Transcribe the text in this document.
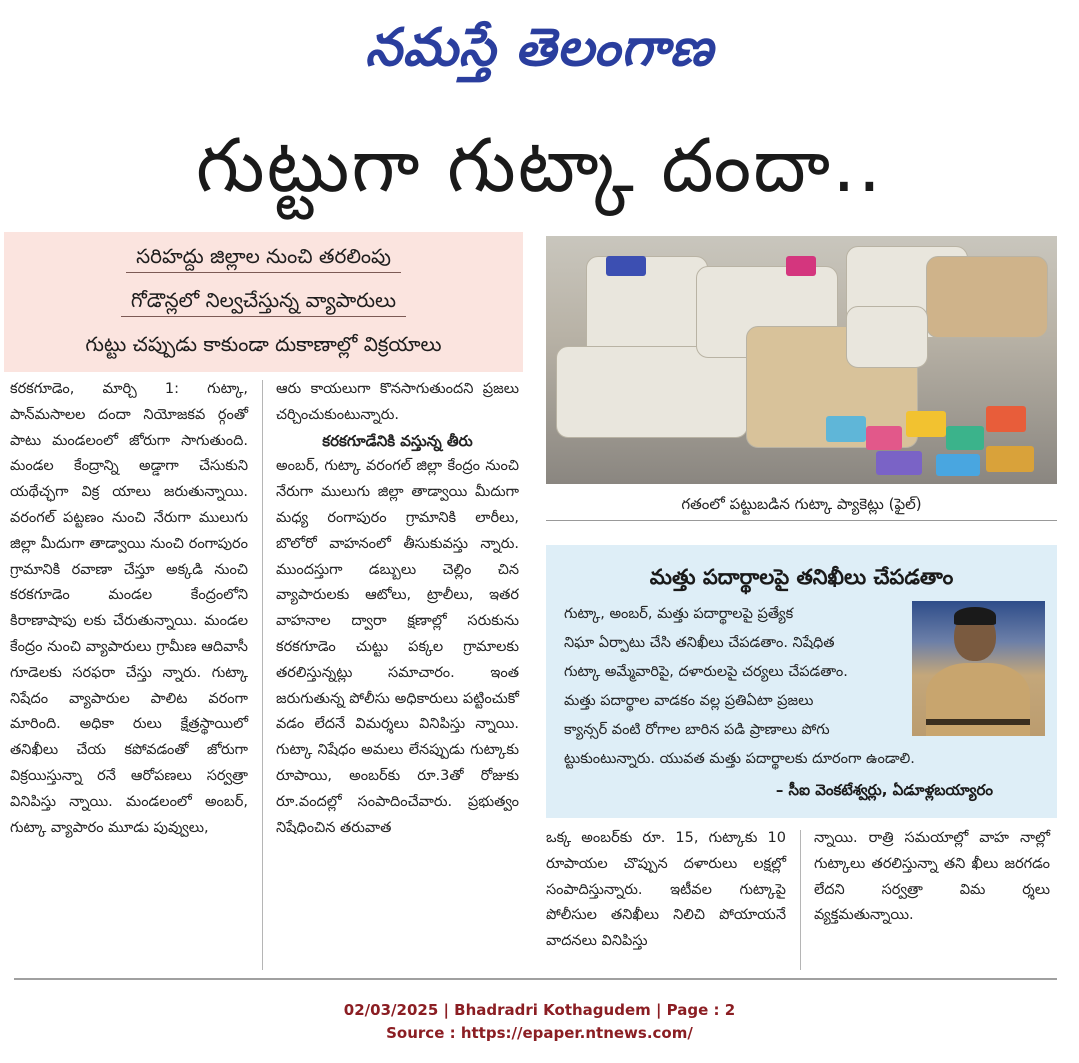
నమస్తే తెలంగాణ
గుట్టుగా గుట్కా దందా..
సరిహద్దు జిల్లాల నుంచి తరలింపు
గోడౌన్లలో నిల్వచేస్తున్న వ్యాపారులు
గుట్టు చప్పుడు కాకుండా దుకాణాల్లో విక్రయాలు
గతంలో పట్టుబడిన గుట్కా ప్యాకెట్లు (ఫైల్)

కరకగూడెం, మార్చి 1: గుట్కా, పాన్‌మసాలల దందా నియోజకవ ర్గంతో పాటు మండలంలో జోరుగా సాగుతుంది. మండల కేంద్రాన్ని అడ్డాగా చేసుకుని యథేచ్ఛగా విక్ర యాలు జరుతున్నాయి. వరంగల్ పట్టణం నుంచి నేరుగా ములుగు జిల్లా మీదుగా తాడ్వాయి నుంచి రంగాపురం గ్రామానికి రవాణా చేస్తూ అక్కడి నుంచి కరకగూడెం మండల కేంద్రంలోని కిరాణాషాపు లకు చేరుతున్నాయి. మండల కేంద్రం నుంచి వ్యాపారులు గ్రామీణ ఆదివాసీ గూడెలకు సరఫరా చేస్తు న్నారు. గుట్కా నిషేదం వ్యాపారుల పాలిట వరంగా మారింది. అధికా రులు క్షేత్రస్థాయిలో తనిఖీలు చేయ కపోవడంతో జోరుగా విక్రయిస్తున్నా రనే ఆరోపణలు సర్వత్రా వినిపిస్తు న్నాయి. మండలంలో అంబర్, గుట్కా వ్యాపారం మూడు పువ్వులు,

ఆరు కాయలుగా కొనసాగుతుందని ప్రజలు చర్చించుకుంటున్నారు.

కరకగూడేనికి వస్తున్న తీరు

అంబర్, గుట్కా వరంగల్ జిల్లా కేంద్రం నుంచి నేరుగా ములుగు జిల్లా తాడ్వాయి మీదుగా మధ్య రంగాపురం గ్రామానికి లారీలు, బొలోరో వాహనంలో తీసుకువస్తు న్నారు. ముందస్తుగా డబ్బులు చెల్లిం చిన వ్యాపారులకు ఆటోలు, ట్రాలీలు, ఇతర వాహనాల ద్వారా క్షణాల్లో సరుకును కరకగూడెం చుట్టు పక్కల గ్రామాలకు తరలిస్తున్నట్లు సమాచారం. ఇంత జరుగుతున్న పోలీసు అధికారులు పట్టించుకో వడం లేదనే విమర్శలు వినిపిస్తు న్నాయి. గుట్కా నిషేధం అమలు లేనప్పుడు గుట్కాకు రూపాయి, అంబర్‌కు రూ.3తో రోజుకు రూ.వందల్లో సంపాదించేవారు. ప్రభుత్వం నిషేధించిన తరువాత

మత్తు పదార్థాలపై తనిఖీలు చేపడతాం
గుట్కా, అంబర్, మత్తు పదార్థాలపై ప్రత్యేక
నిఘా ఏర్పాటు చేసి తనిఖీలు చేపడతాం. నిషేధిత
గుట్కా అమ్మేవారిపై, దళారులపై చర్యలు చేపడతాం.
మత్తు పదార్థాల వాడకం వల్ల ప్రతిఏటా ప్రజలు
క్యాన్సర్ వంటి రోగాల బారిన పడి ప్రాణాలు పోగు
ట్టుకుంటున్నారు. యువత మత్తు పదార్థాలకు దూరంగా ఉండాలి.
– సీఐ వెంకటేశ్వర్లు, ఏడూళ్లబయ్యారం

ఒక్క అంబర్‌కు రూ. 15, గుట్కాకు 10 రూపాయల చొప్పున దళారులు లక్షల్లో సంపాదిస్తున్నారు. ఇటీవల గుట్కాపై పోలీసుల తనిఖీలు నిలిచి పోయాయనే వాదనలు వినిపిస్తు

న్నాయి. రాత్రి సమయాల్లో వాహ నాల్లో గుట్కాలు తరలిస్తున్నా తని ఖీలు జరగడం లేదని సర్వత్రా విమ ర్శలు వ్యక్తమతున్నాయి.

02/03/2025 | Bhadradri Kothagudem | Page : 2
Source : https://epaper.ntnews.com/
